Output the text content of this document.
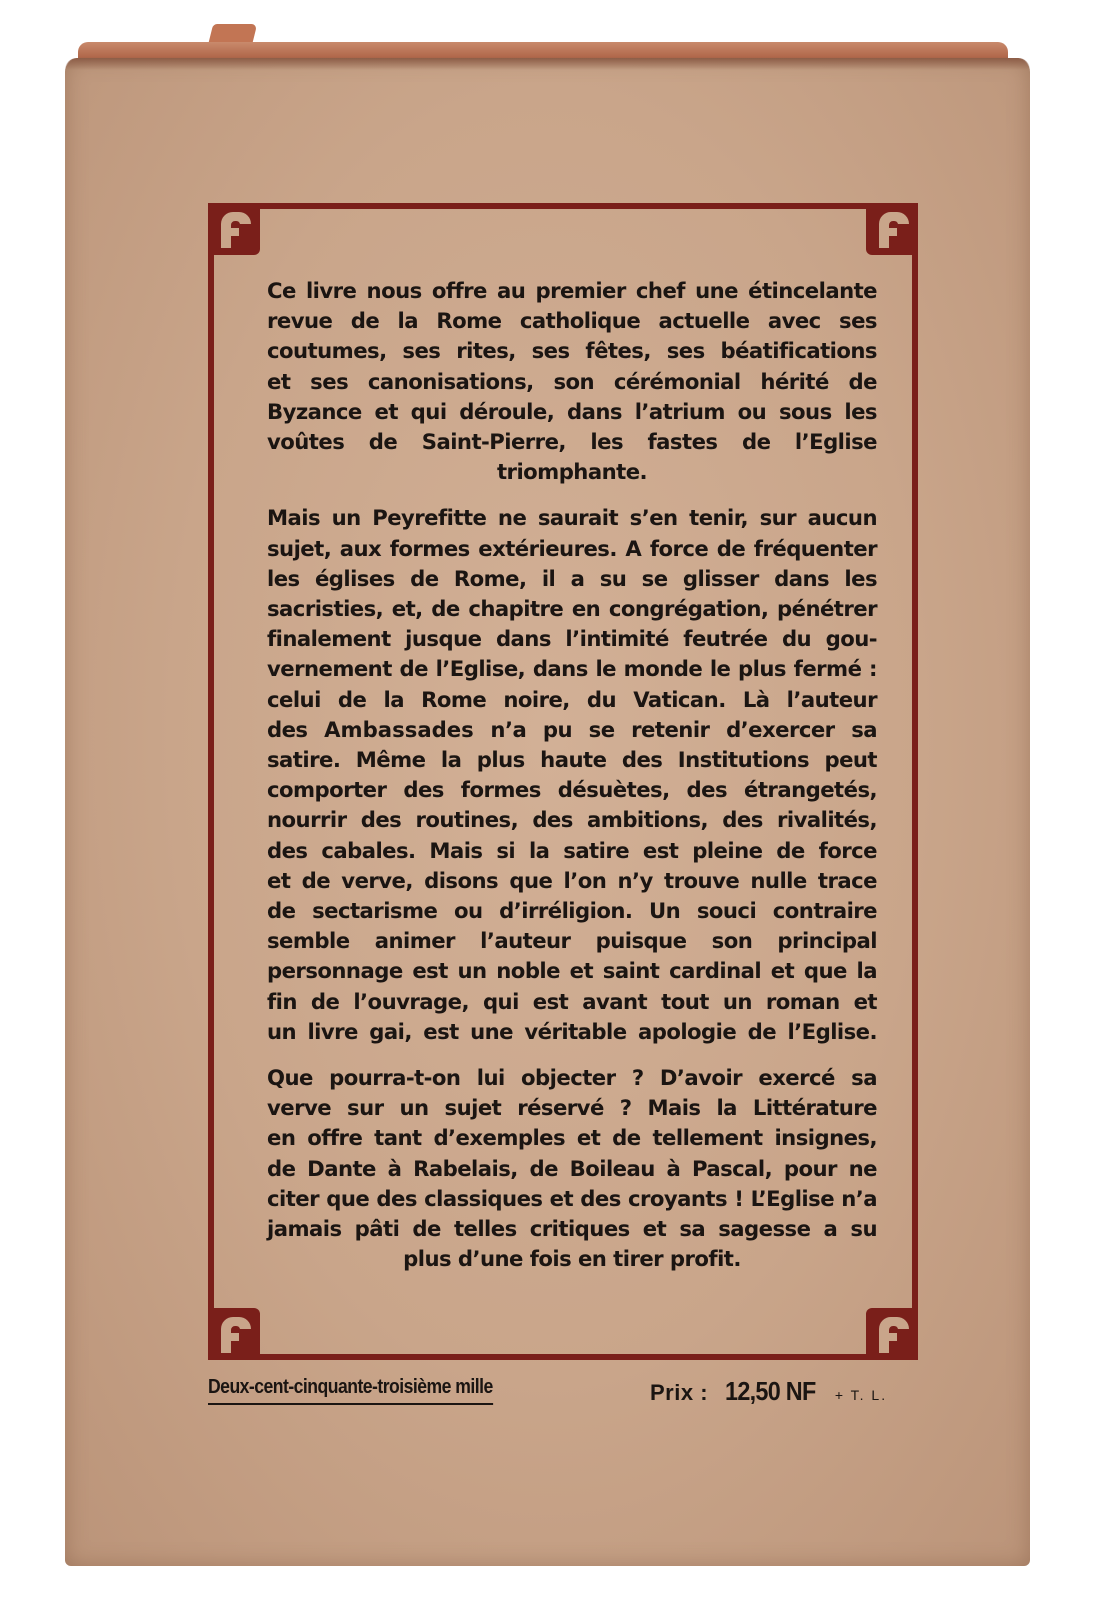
Ce livre nous offre au premier chef une étincelante
revue de la Rome catholique actuelle avec ses
coutumes, ses rites, ses fêtes, ses béatifications
et ses canonisations, son cérémonial hérité de
Byzance et qui déroule, dans l’atrium ou sous les
voûtes de Saint-Pierre, les fastes de l’Eglise
triomphante.
Mais un Peyrefitte ne saurait s’en tenir, sur aucun
sujet, aux formes extérieures. A force de fréquenter
les églises de Rome, il a su se glisser dans les
sacristies, et, de chapitre en congrégation, pénétrer
finalement jusque dans l’intimité feutrée du gou-
vernement de l’Eglise, dans le monde le plus fermé :
celui de la Rome noire, du Vatican. Là l’auteur
des Ambassades n’a pu se retenir d’exercer sa
satire. Même la plus haute des Institutions peut
comporter des formes désuètes, des étrangetés,
nourrir des routines, des ambitions, des rivalités,
des cabales. Mais si la satire est pleine de force
et de verve, disons que l’on n’y trouve nulle trace
de sectarisme ou d’irréligion. Un souci contraire
semble animer l’auteur puisque son principal
personnage est un noble et saint cardinal et que la
fin de l’ouvrage, qui est avant tout un roman et
un livre gai, est une véritable apologie de l’Eglise.
Que pourra-t-on lui objecter ? D’avoir exercé sa
verve sur un sujet réservé ? Mais la Littérature
en offre tant d’exemples et de tellement insignes,
de Dante à Rabelais, de Boileau à Pascal, pour ne
citer que des classiques et des croyants ! L’Eglise n’a
jamais pâti de telles critiques et sa sagesse a su
plus d’une fois en tirer profit.
Deux-cent-cinquante-troisième mille	Prix : 12,50 NF + T. L.
